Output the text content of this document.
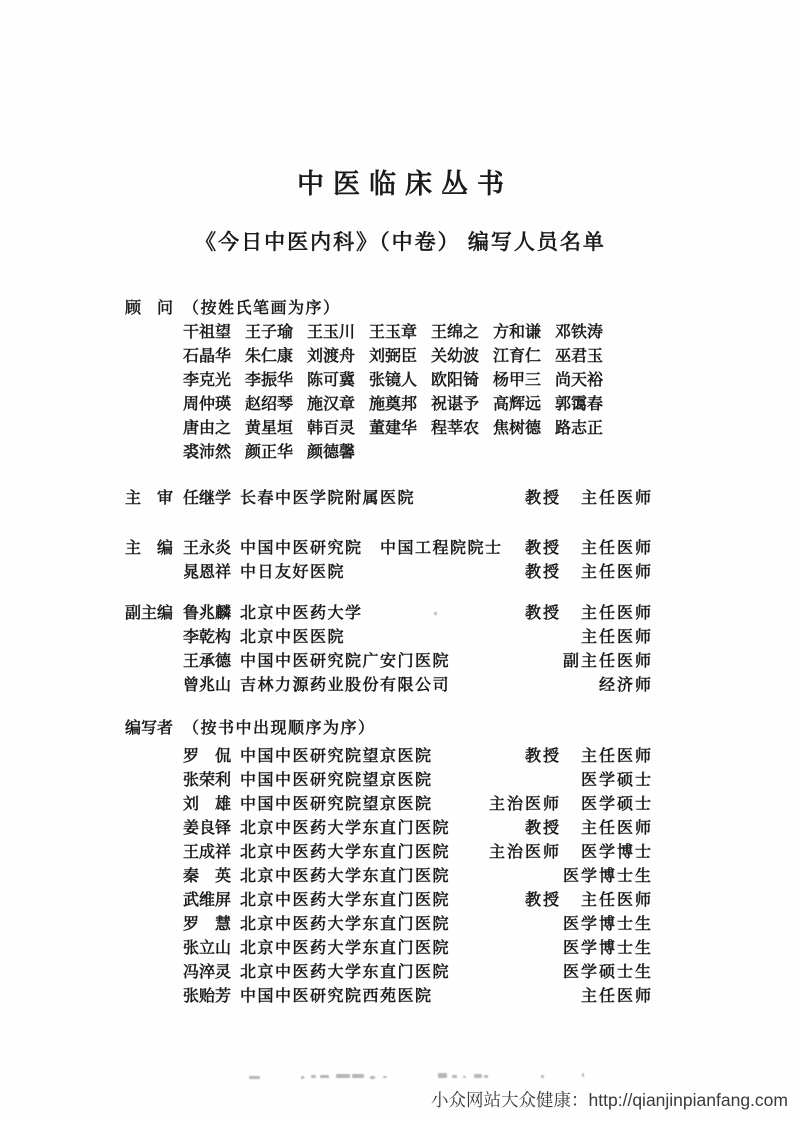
中医临床丛书
《今日中医内科》（中卷） 编写人员名单
顾　问 （按姓氏笔画为序）
干祖望 王子瑜 王玉川 王玉章 王绵之 方和谦 邓铁涛
石晶华 朱仁康 刘渡舟 刘弼臣 关幼波 江育仁 巫君玉
李克光 李振华 陈可冀 张镜人 欧阳锜 杨甲三 尚天裕
周仲瑛 赵绍琴 施汉章 施奠邦 祝谌予 高辉远 郭霭春
唐由之 黄星垣 韩百灵 董建华 程莘农 焦树德 路志正
裘沛然 颜正华 颜德馨
主　审 任继学 长春中医学院附属医院	教授	主任医师
主　编 王永炎 中国中医研究院　中国工程院院士	教授	主任医师
晁恩祥 中日友好医院	教授	主任医师
副主编 鲁兆麟 北京中医药大学	教授	主任医师
李乾构 北京中医医院	主任医师
王承德 中国中医研究院广安门医院	副主任医师
曾兆山 吉林力源药业股份有限公司	经济师
编写者 （按书中出现顺序为序）
罗　侃 中国中医研究院望京医院	教授	主任医师
张荣利 中国中医研究院望京医院	医学硕士
刘　雄 中国中医研究院望京医院	主治医师	医学硕士
姜良铎 北京中医药大学东直门医院	教授	主任医师
王成祥 北京中医药大学东直门医院	主治医师	医学博士
秦　英 北京中医药大学东直门医院	医学博士生
武维屏 北京中医药大学东直门医院	教授	主任医师
罗　慧 北京中医药大学东直门医院	医学博士生
张立山 北京中医药大学东直门医院	医学博士生
冯淬灵 北京中医药大学东直门医院	医学硕士生
张贻芳 中国中医研究院西苑医院	主任医师
小众网站大众健康：http://qianjinpianfang.com
